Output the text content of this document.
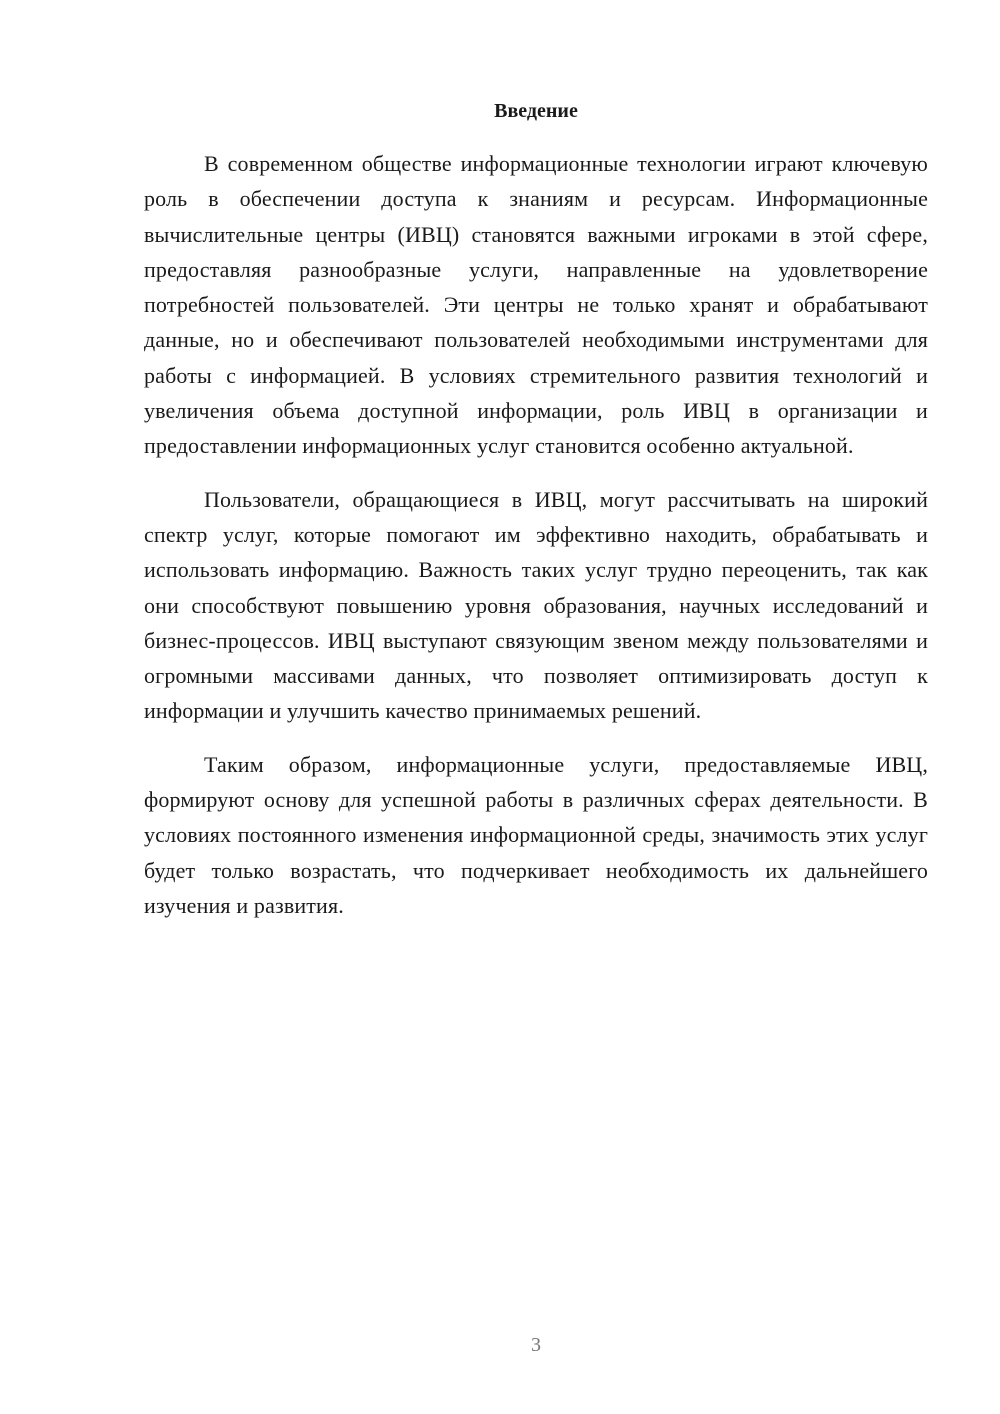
Введение

В современном обществе информационные технологии играют ключевую роль в обеспечении доступа к знаниям и ресурсам. Информационные вычислительные центры (ИВЦ) становятся важными игроками в этой сфере, предоставляя разнообразные услуги, направленные на удовлетворение потребностей пользователей. Эти центры не только хранят и обрабатывают данные, но и обеспечивают пользователей необходимыми инструментами для работы с информацией. В условиях стремительного развития технологий и увеличения объема доступной информации, роль ИВЦ в организации и предоставлении информационных услуг становится особенно актуальной.

Пользователи, обращающиеся в ИВЦ, могут рассчитывать на широкий спектр услуг, которые помогают им эффективно находить, обрабатывать и использовать информацию. Важность таких услуг трудно переоценить, так как они способствуют повышению уровня образования, научных исследований и бизнес-процессов. ИВЦ выступают связующим звеном между пользователями и огромными массивами данных, что позволяет оптимизировать доступ к информации и улучшить качество принимаемых решений.

Таким образом, информационные услуги, предоставляемые ИВЦ, формируют основу для успешной работы в различных сферах деятельности. В условиях постоянного изменения информационной среды, значимость этих услуг будет только возрастать, что подчеркивает необходимость их дальнейшего изучения и развития.

3
